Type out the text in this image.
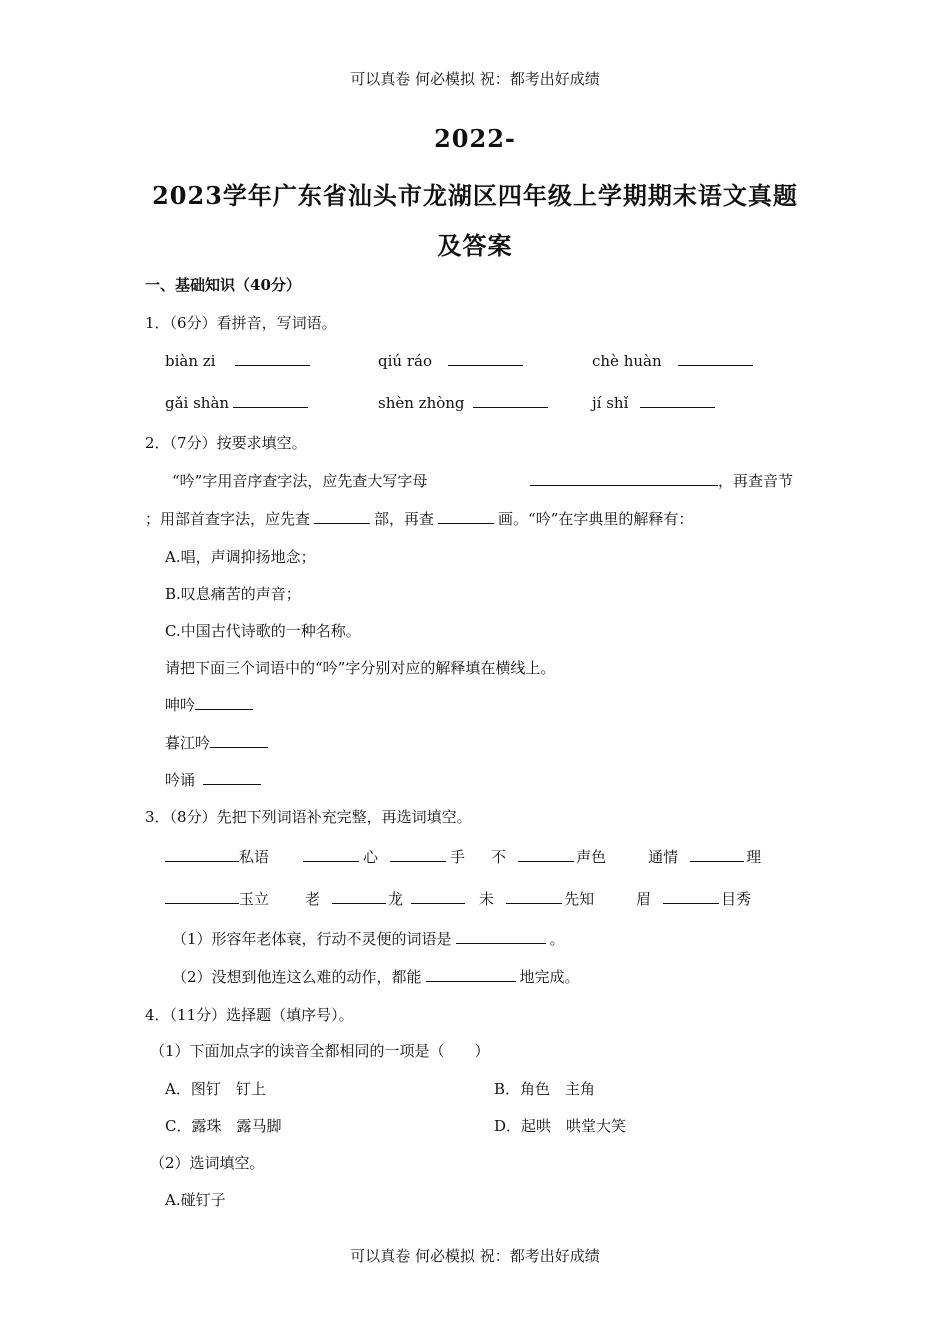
可以真卷 何必模拟 祝：都考出好成绩
2022-
2023学年广东省汕头市龙湖区四年级上学期期末语文真题
及答案
一、基础知识（40分）
1．（6分）看拼音，写词语。
biàn zi	qiú ráo	chè huàn
gǎi shàn	shèn zhòng	jí shǐ
2．（7分）按要求填空。
“吟”字用音序查字法，应先查大写字母	，再查音节
；用部首查字法，应先查	部，再查	画。“吟”在字典里的解释有：
A.唱，声调抑扬地念；
B.叹息痛苦的声音；
C.中国古代诗歌的一种名称。
请把下面三个词语中的“吟”字分别对应的解释填在横线上。
呻吟
暮江吟
吟诵
3．（8分）先把下列词语补充完整，再选词填空。
私语	心	手 不	声色	通情	理
玉立 老	龙	未	先知	眉	目秀
（1）形容年老体衰，行动不灵便的词语是	。
（2）没想到他连这么难的动作，都能	地完成。
4．（11分）选择题（填序号）。
（1）下面加点字的读音全都相同的一项是（　　）
A．图钉　钉上	B．角色　主角
C．露珠　露马脚	D．起哄　哄堂大笑
（2）选词填空。
A.碰钉子
可以真卷 何必模拟 祝：都考出好成绩
